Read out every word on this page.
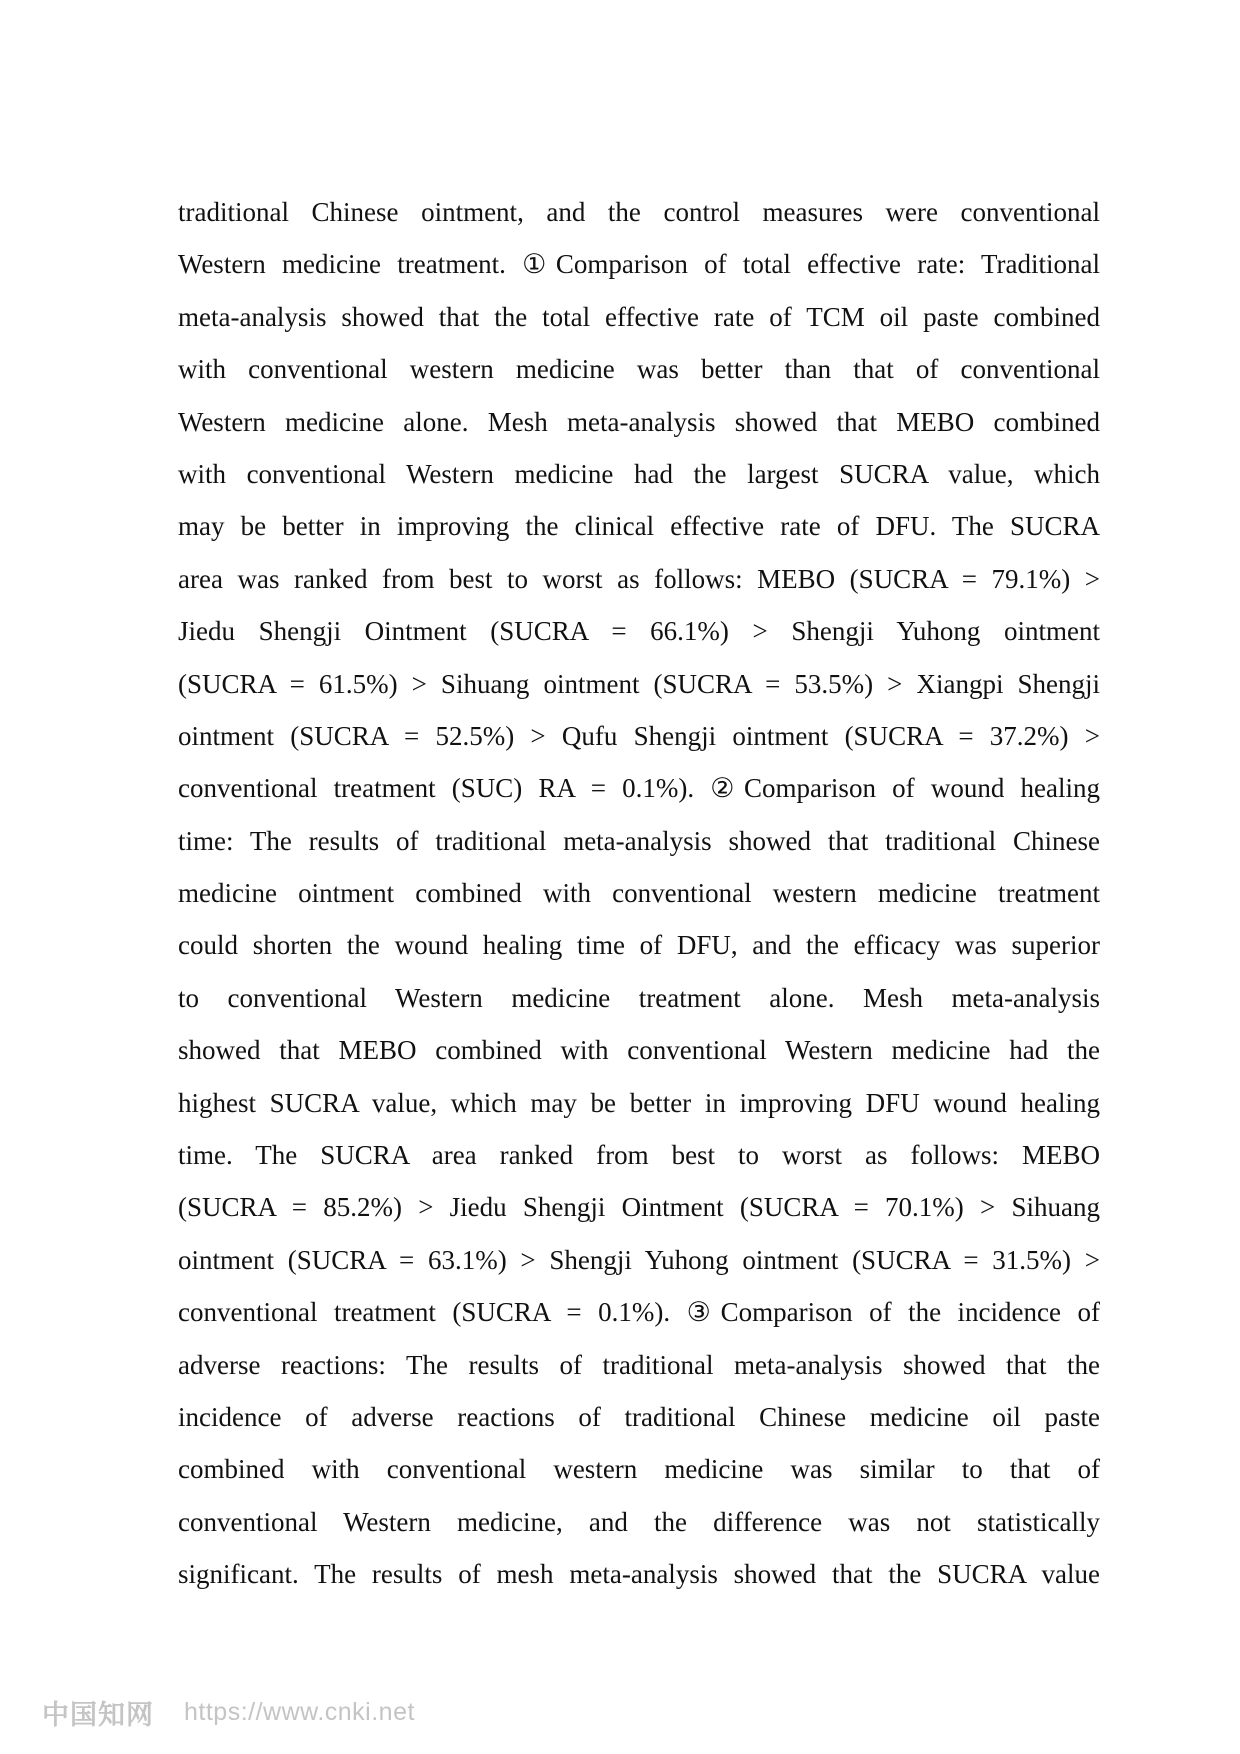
traditional Chinese ointment, and the control measures were conventional
Western medicine treatment. ①Comparison of total effective rate: Traditional
meta-analysis showed that the total effective rate of TCM oil paste combined
with conventional western medicine was better than that of conventional
Western medicine alone. Mesh meta-analysis showed that MEBO combined
with conventional Western medicine had the largest SUCRA value, which
may be better in improving the clinical effective rate of DFU. The SUCRA
area was ranked from best to worst as follows: MEBO (SUCRA = 79.1%) >
Jiedu Shengji Ointment (SUCRA = 66.1%) > Shengji Yuhong ointment
(SUCRA = 61.5%) > Sihuang ointment (SUCRA = 53.5%) > Xiangpi Shengji
ointment (SUCRA = 52.5%) > Qufu Shengji ointment (SUCRA = 37.2%) >
conventional treatment (SUC) RA = 0.1%). ②Comparison of wound healing
time: The results of traditional meta-analysis showed that traditional Chinese
medicine ointment combined with conventional western medicine treatment
could shorten the wound healing time of DFU, and the efficacy was superior
to conventional Western medicine treatment alone. Mesh meta-analysis
showed that MEBO combined with conventional Western medicine had the
highest SUCRA value, which may be better in improving DFU wound healing
time. The SUCRA area ranked from best to worst as follows: MEBO
(SUCRA = 85.2%) > Jiedu Shengji Ointment (SUCRA = 70.1%) > Sihuang
ointment (SUCRA = 63.1%) > Shengji Yuhong ointment (SUCRA = 31.5%) >
conventional treatment (SUCRA = 0.1%). ③Comparison of the incidence of
adverse reactions: The results of traditional meta-analysis showed that the
incidence of adverse reactions of traditional Chinese medicine oil paste
combined with conventional western medicine was similar to that of
conventional Western medicine, and the difference was not statistically
significant. The results of mesh meta-analysis showed that the SUCRA value
中国知网 https://www.cnki.net
